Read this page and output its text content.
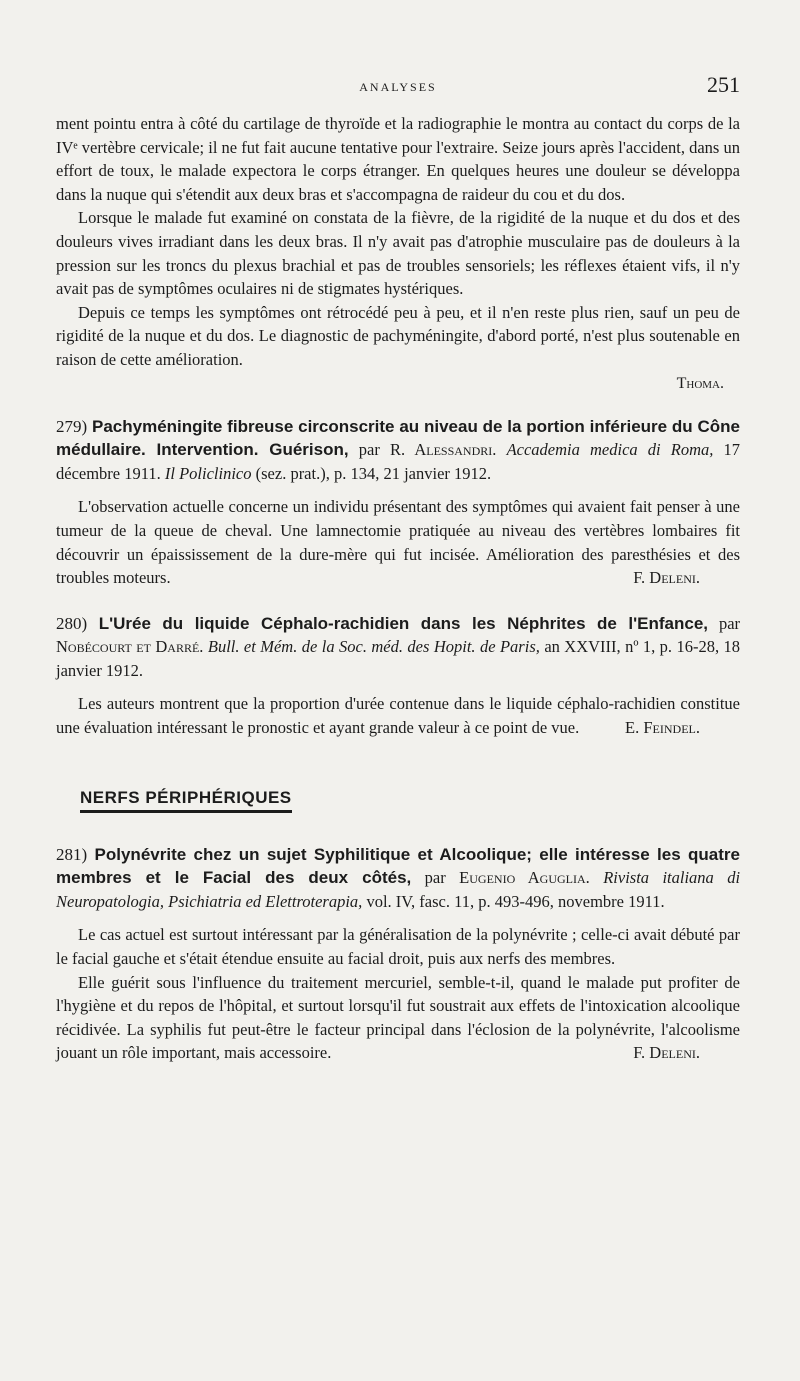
ANALYSES	251

ment pointu entra à côté du cartilage de thyroïde et la radiographie le montra au contact du corps de la IVᵉ vertèbre cervicale; il ne fut fait aucune tentative pour l'extraire. Seize jours après l'accident, dans un effort de toux, le malade expectora le corps étranger. En quelques heures une douleur se développa dans la nuque qui s'étendit aux deux bras et s'accompagna de raideur du cou et du dos.

Lorsque le malade fut examiné on constata de la fièvre, de la rigidité de la nuque et du dos et des douleurs vives irradiant dans les deux bras. Il n'y avait pas d'atrophie musculaire pas de douleurs à la pression sur les troncs du plexus brachial et pas de troubles sensoriels; les réflexes étaient vifs, il n'y avait pas de symptômes oculaires ni de stigmates hystériques.

Depuis ce temps les symptômes ont rétrocédé peu à peu, et il n'en reste plus rien, sauf un peu de rigidité de la nuque et du dos. Le diagnostic de pachyméningite, d'abord porté, n'est plus soutenable en raison de cette amélioration.

Thoma.

279) Pachyméningite fibreuse circonscrite au niveau de la portion inférieure du Cône médullaire. Intervention. Guérison, par R. Alessandri. Accademia medica di Roma, 17 décembre 1911. Il Policlinico (sez. prat.), p. 134, 21 janvier 1912.

L'observation actuelle concerne un individu présentant des symptômes qui avaient fait penser à une tumeur de la queue de cheval. Une lamnectomie pratiquée au niveau des vertèbres lombaires fit découvrir un épaississement de la dure-mère qui fut incisée. Amélioration des paresthésies et des troubles moteurs.	F. Deleni.

280) L'Urée du liquide Céphalo-rachidien dans les Néphrites de l'Enfance, par Nobécourt et Darré. Bull. et Mém. de la Soc. méd. des Hopit. de Paris, an XXVIII, nº 1, p. 16-28, 18 janvier 1912.

Les auteurs montrent que la proportion d'urée contenue dans le liquide céphalo-rachidien constitue une évaluation intéressant le pronostic et ayant grande valeur à ce point de vue.	E. Feindel.

NERFS PÉRIPHÉRIQUES

281) Polynévrite chez un sujet Syphilitique et Alcoolique; elle intéresse les quatre membres et le Facial des deux côtés, par Eugenio Aguglia. Rivista italiana di Neuropatologia, Psichiatria ed Elettroterapia, vol. IV, fasc. 11, p. 493-496, novembre 1911.

Le cas actuel est surtout intéressant par la généralisation de la polynévrite ; celle-ci avait débuté par le facial gauche et s'était étendue ensuite au facial droit, puis aux nerfs des membres.

Elle guérit sous l'influence du traitement mercuriel, semble-t-il, quand le malade put profiter de l'hygiène et du repos de l'hôpital, et surtout lorsqu'il fut soustrait aux effets de l'intoxication alcoolique récidivée. La syphilis fut peut-être le facteur principal dans l'éclosion de la polynévrite, l'alcoolisme jouant un rôle important, mais accessoire.	F. Deleni.
